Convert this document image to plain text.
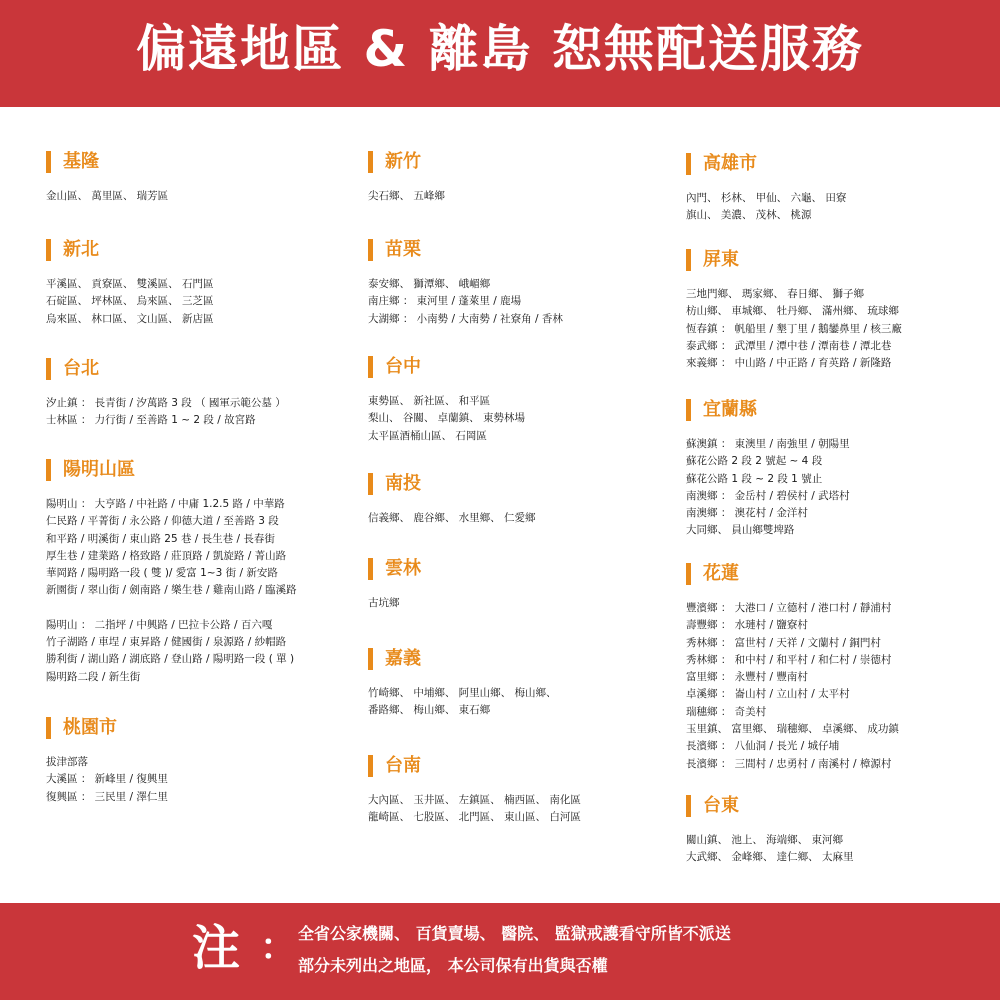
偏遠地區 & 離島 恕無配送服務
基隆
金山區、 萬里區、 瑞芳區
新北
平溪區、 貢寮區、 雙溪區、 石門區
石碇區、 坪林區、 烏來區、 三芝區
烏來區、 林口區、 文山區、 新店區
台北
汐止鎮 ： 長青街 / 汐萬路 3 段 （ 國軍示範公墓 ）
士林區 ： 力行街 / 至善路 1 ~ 2 段 / 故宮路
陽明山區
陽明山 ： 大亨路 / 中社路 / 中庸 1.2.5 路 / 中華路
仁民路 / 平菁街 / 永公路 / 仰德大道 / 至善路 3 段
和平路 / 明溪街 / 東山路 25 巷 / 長生巷 / 長春街
厚生巷 / 建業路 / 格致路 / 莊頂路 / 凱旋路 / 菁山路
華岡路 / 陽明路一段 ( 雙 )/ 愛富 1~3 街 / 新安路
新園街 / 翠山街 / 劍南路 / 樂生巷 / 雞南山路 / 臨溪路
陽明山 ： 二指坪 / 中興路 / 巴拉卡公路 / 百六嘎
竹子湖路 / 車埕 / 東昇路 / 健國街 / 泉源路 / 紗帽路
勝利街 / 湖山路 / 湖底路 / 登山路 / 陽明路一段 ( 單 )
陽明路二段 / 新生街
桃園市
拔津部落
大溪區 ： 新峰里 / 復興里
復興區 ： 三民里 / 澤仁里
新竹
尖石鄉、 五峰鄉
苗栗
泰安鄉、 獅潭鄉、 峨嵋鄉
南庄鄉 ： 東河里 / 蓬萊里 / 鹿場
大湖鄉 ： 小南勢 / 大南勢 / 社寮角 / 香林
台中
東勢區、 新社區、 和平區
梨山、 谷關、 卓蘭鎮、 東勢林場
太平區酒桶山區、 石岡區
南投
信義鄉、 鹿谷鄉、 水里鄉、 仁愛鄉
雲林
古坑鄉
嘉義
竹崎鄉、 中埔鄉、 阿里山鄉、 梅山鄉、
番路鄉、 梅山鄉、 東石鄉
台南
大內區、 玉井區、 左鎮區、 楠西區、 南化區
龍崎區、 七股區、 北門區、 東山區、 白河區
高雄市
內門、 杉林、 甲仙、 六龜、 田寮
旗山、 美濃、 茂林、 桃源
屏東
三地門鄉、 瑪家鄉、 春日鄉、 獅子鄉
枋山鄉、 車城鄉、 牡丹鄉、 滿州鄉、 琉球鄉
恆春鎮 ： 帆船里 / 墾丁里 / 鵝鑾鼻里 / 核三廠
泰武鄉 ： 武潭里 / 潭中巷 / 潭南巷 / 潭北巷
來義鄉 ： 中山路 / 中正路 / 育英路 / 新隆路
宜蘭縣
蘇澳鎮 ： 東澳里 / 南強里 / 朝陽里
蘇花公路 2 段 2 號起 ~ 4 段
蘇花公路 1 段 ~ 2 段 1 號止
南澳鄉 ： 金岳村 / 碧侯村 / 武塔村
南澳鄉 ： 澳花村 / 金洋村
大同鄉、 員山鄉雙埤路
花蓮
豐濱鄉 ： 大港口 / 立德村 / 港口村 / 靜浦村
壽豐鄉 ： 水璉村 / 鹽寮村
秀林鄉 ： 富世村 / 天祥 / 文蘭村 / 銅門村
秀林鄉 ： 和中村 / 和平村 / 和仁村 / 崇德村
富里鄉 ： 永豐村 / 豐南村
卓溪鄉 ： 崙山村 / 立山村 / 太平村
瑞穗鄉 ： 奇美村
玉里鎮、 富里鄉、 瑞穗鄉、 卓溪鄉、 成功鎮
長濱鄉 ： 八仙洞 / 長光 / 城仔埔
長濱鄉 ： 三間村 / 忠勇村 / 南溪村 / 樟源村
台東
關山鎮、 池上、 海端鄉、 東河鄉
大武鄉、 金峰鄉、 達仁鄉、 太麻里
注 ： 全省公家機關、 百貨賣場、 醫院、 監獄戒護看守所皆不派送
部分未列出之地區， 本公司保有出貨與否權
